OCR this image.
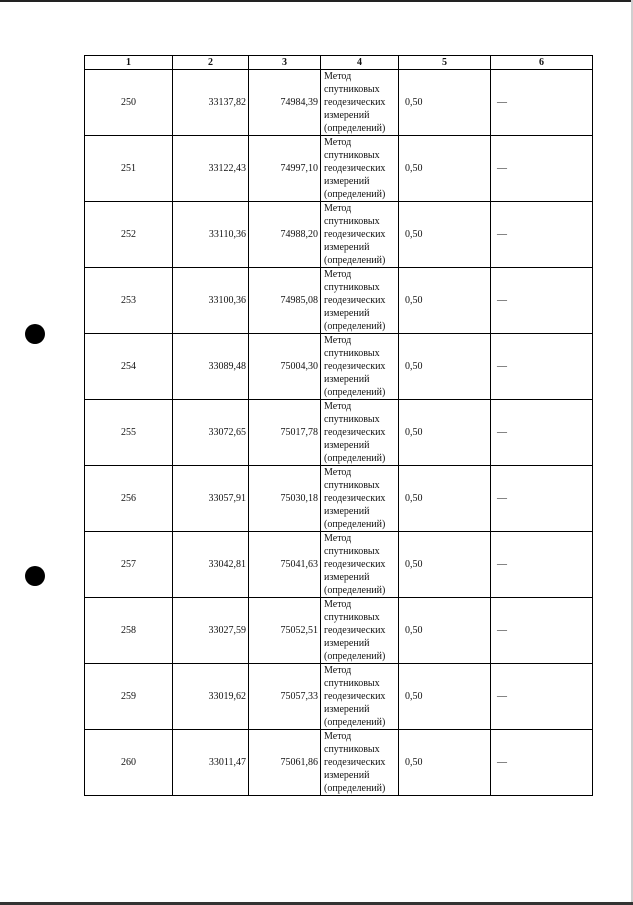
1	2	3	4	5	6
250	33137,82	74984,39	Метод спутниковых геодезических измерений (определений)	0,50	—
251	33122,43	74997,10	Метод спутниковых геодезических измерений (определений)	0,50	—
252	33110,36	74988,20	Метод спутниковых геодезических измерений (определений)	0,50	—
253	33100,36	74985,08	Метод спутниковых геодезических измерений (определений)	0,50	—
254	33089,48	75004,30	Метод спутниковых геодезических измерений (определений)	0,50	—
255	33072,65	75017,78	Метод спутниковых геодезических измерений (определений)	0,50	—
256	33057,91	75030,18	Метод спутниковых геодезических измерений (определений)	0,50	—
257	33042,81	75041,63	Метод спутниковых геодезических измерений (определений)	0,50	—
258	33027,59	75052,51	Метод спутниковых геодезических измерений (определений)	0,50	—
259	33019,62	75057,33	Метод спутниковых геодезических измерений (определений)	0,50	—
260	33011,47	75061,86	Метод спутниковых геодезических измерений (определений)	0,50	—
